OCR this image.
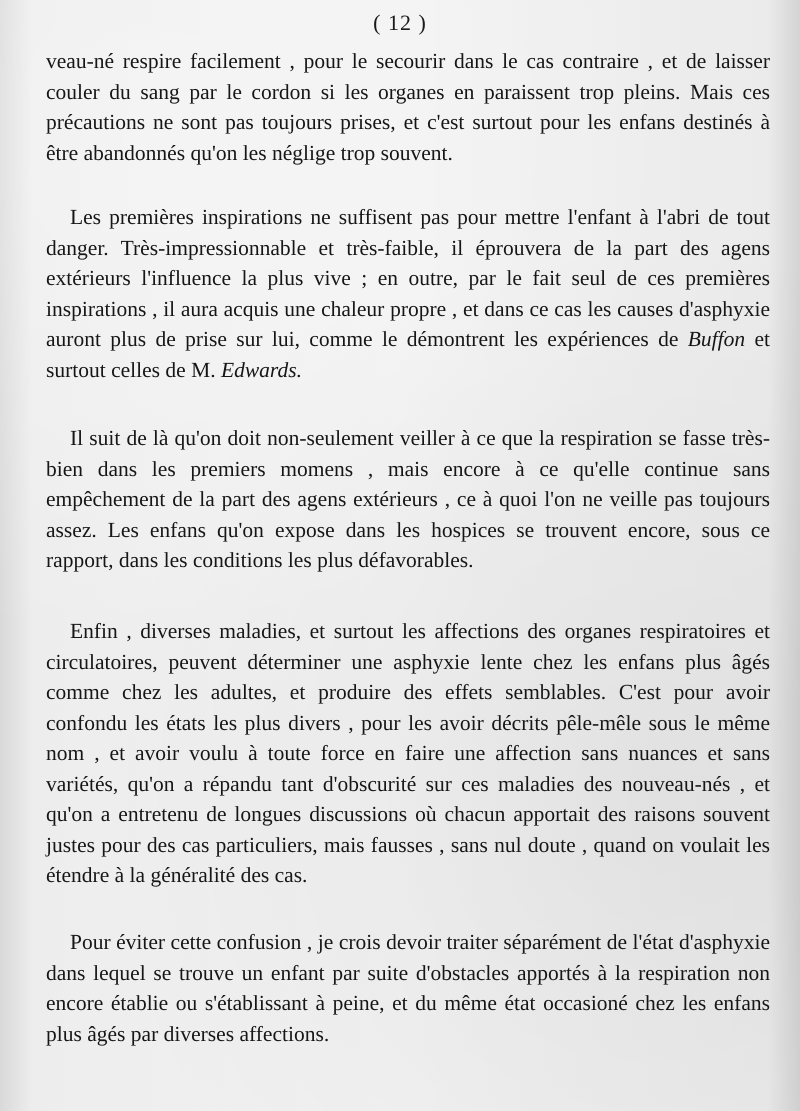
( 12 )

veau-né respire facilement , pour le secourir dans le cas contraire , et de laisser couler du sang par le cordon si les organes en paraissent trop pleins. Mais ces précautions ne sont pas toujours prises, et c'est surtout pour les enfans destinés à être abandonnés qu'on les néglige trop souvent.

Les premières inspirations ne suffisent pas pour mettre l'enfant à l'abri de tout danger. Très-impressionnable et très-faible, il éprouvera de la part des agens extérieurs l'influence la plus vive ; en outre, par le fait seul de ces premières inspirations , il aura acquis une chaleur propre , et dans ce cas les causes d'asphyxie auront plus de prise sur lui, comme le démontrent les expériences de Buffon et surtout celles de M. Edwards.

Il suit de là qu'on doit non-seulement veiller à ce que la respiration se fasse très-bien dans les premiers momens , mais encore à ce qu'elle continue sans empêchement de la part des agens extérieurs , ce à quoi l'on ne veille pas toujours assez. Les enfans qu'on expose dans les hospices se trouvent encore, sous ce rapport, dans les conditions les plus défavorables.

Enfin , diverses maladies, et surtout les affections des organes respiratoires et circulatoires, peuvent déterminer une asphyxie lente chez les enfans plus âgés comme chez les adultes, et produire des effets semblables. C'est pour avoir confondu les états les plus divers , pour les avoir décrits pêle-mêle sous le même nom , et avoir voulu à toute force en faire une affection sans nuances et sans variétés, qu'on a répandu tant d'obscurité sur ces maladies des nouveau-nés , et qu'on a entretenu de longues discussions où chacun apportait des raisons souvent justes pour des cas particuliers, mais fausses , sans nul doute , quand on voulait les étendre à la généralité des cas.

Pour éviter cette confusion , je crois devoir traiter séparément de l'état d'asphyxie dans lequel se trouve un enfant par suite d'obstacles apportés à la respiration non encore établie ou s'établissant à peine, et du même état occasioné chez les enfans plus âgés par diverses affections.
